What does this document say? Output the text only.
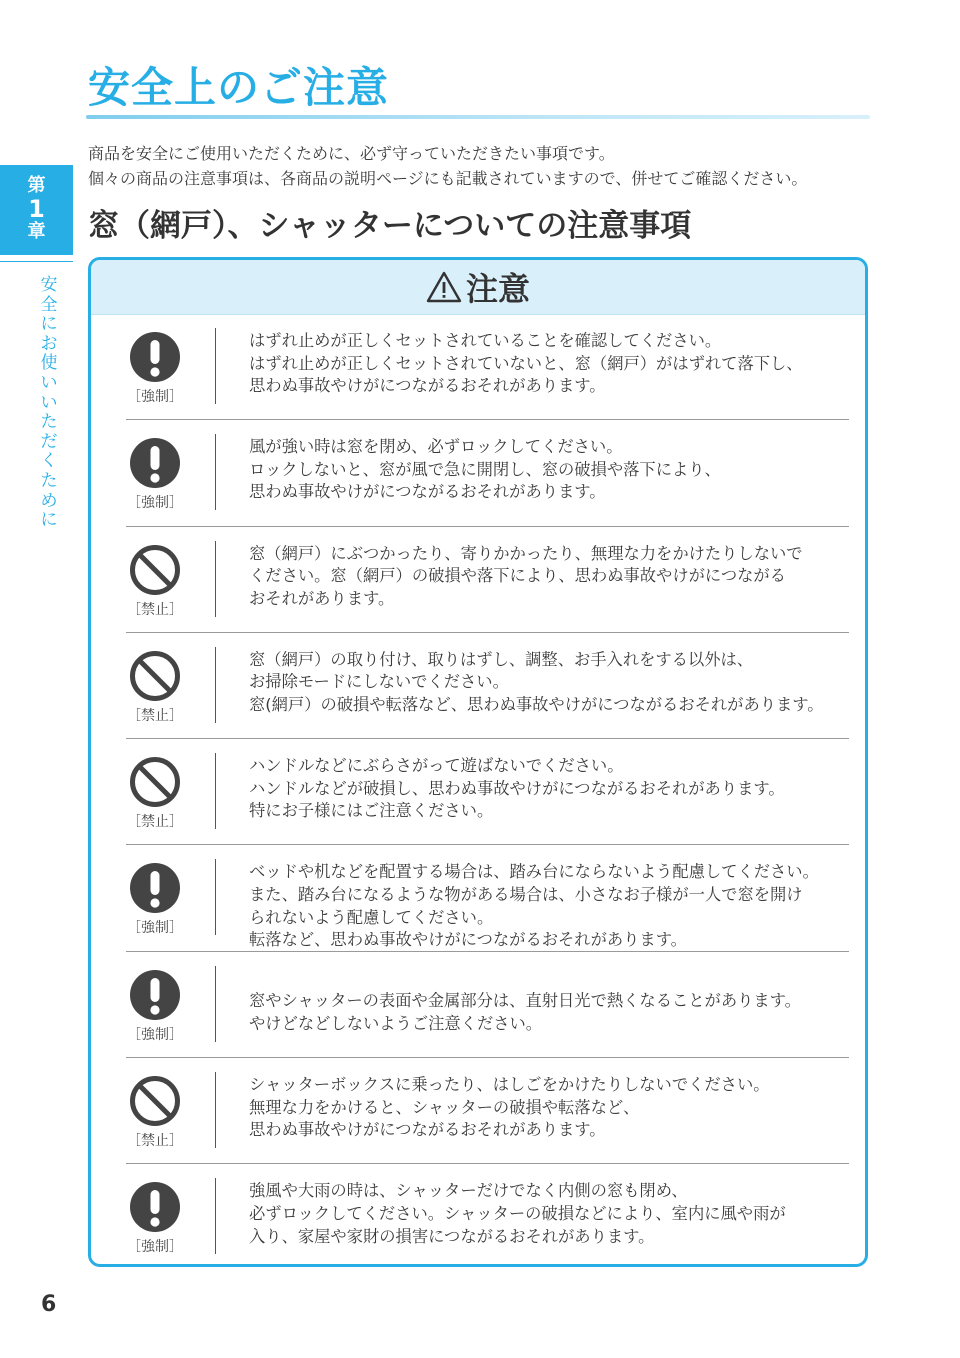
安全上のご注意

商品を安全にご使用いただくために、必ず守っていただきたい事項です。

個々の商品の注意事項は、各商品の説明ページにも記載されていますので、併せてご確認ください。

第
1
章
安全にお使いいただくために
窓（網戸）、シャッターについての注意事項
注意
［強制］

はずれ止めが正しくセットされていることを確認してください。

はずれ止めが正しくセットされていないと、窓（網戸）がはずれて落下し、

思わぬ事故やけがにつながるおそれがあります。

［強制］

風が強い時は窓を閉め、必ずロックしてください。

ロックしないと、窓が風で急に開閉し、窓の破損や落下により、

思わぬ事故やけがにつながるおそれがあります。

［禁止］

窓（網戸）にぶつかったり、寄りかかったり、無理な力をかけたりしないで

ください。窓（網戸）の破損や落下により、思わぬ事故やけがにつながる

おそれがあります。

［禁止］

窓（網戸）の取り付け、取りはずし、調整、お手入れをする以外は、

お掃除モードにしないでください。

窓(網戸）の破損や転落など、思わぬ事故やけがにつながるおそれがあります。

［禁止］

ハンドルなどにぶらさがって遊ばないでください。

ハンドルなどが破損し、思わぬ事故やけがにつながるおそれがあります。

特にお子様にはご注意ください。

［強制］

ベッドや机などを配置する場合は、踏み台にならないよう配慮してください。

また、踏み台になるような物がある場合は、小さなお子様が一人で窓を開け

られないよう配慮してください。

転落など、思わぬ事故やけがにつながるおそれがあります。

［強制］

窓やシャッターの表面や金属部分は、直射日光で熱くなることがあります。

やけどなどしないようご注意ください。

［禁止］

シャッターボックスに乗ったり、はしごをかけたりしないでください。

無理な力をかけると、シャッターの破損や転落など、

思わぬ事故やけがにつながるおそれがあります。

［強制］

強風や大雨の時は、シャッターだけでなく内側の窓も閉め、

必ずロックしてください。シャッターの破損などにより、室内に風や雨が

入り、家屋や家財の損害につながるおそれがあります。

6
